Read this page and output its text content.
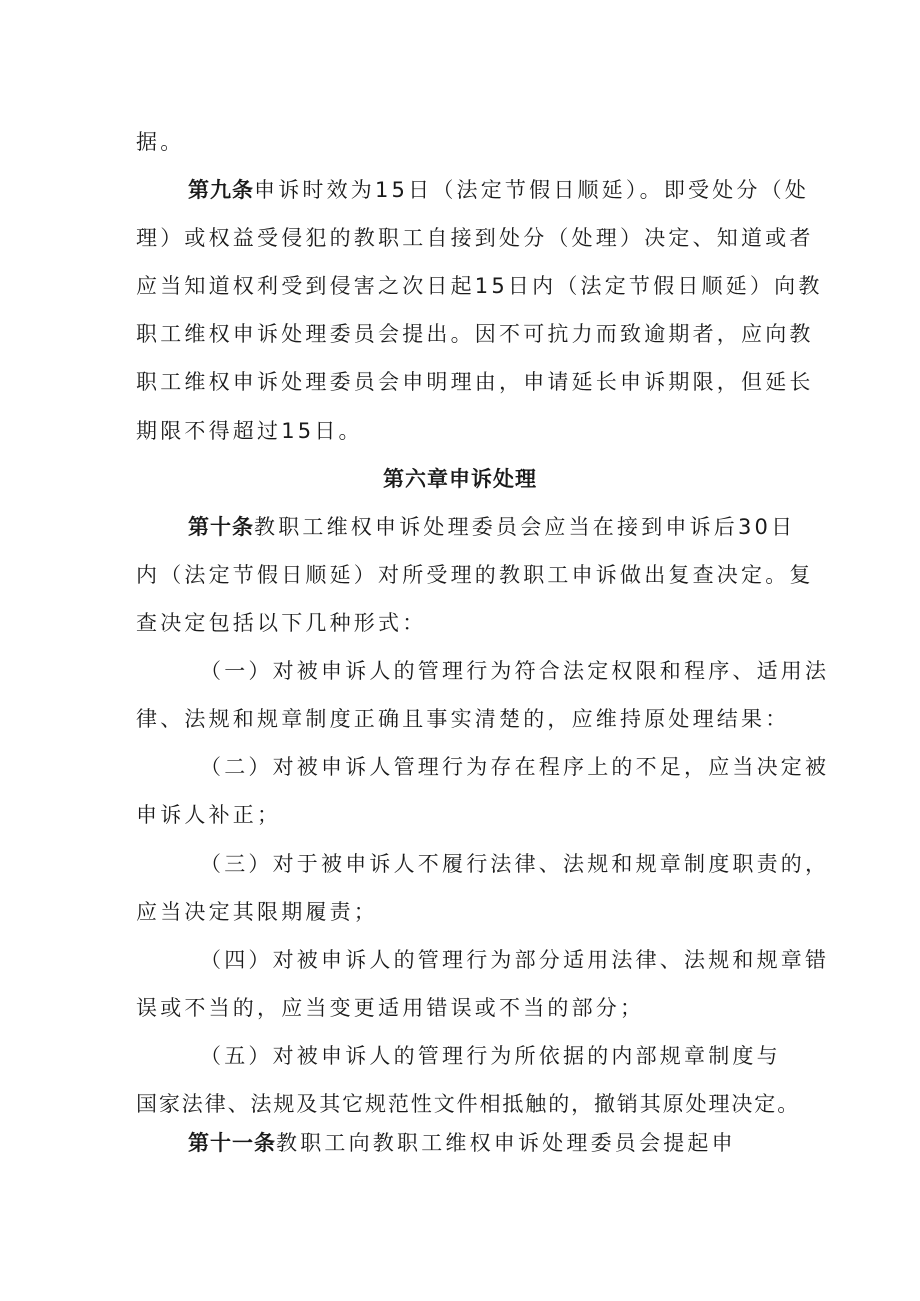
据。
第九条申诉时效为15日（法定节假日顺延）。即受处分（处
理）或权益受侵犯的教职工自接到处分（处理）决定、知道或者
应当知道权利受到侵害之次日起15日内（法定节假日顺延）向教
职工维权申诉处理委员会提出。因不可抗力而致逾期者，应向教
职工维权申诉处理委员会申明理由，申请延长申诉期限，但延长
期限不得超过15日。
第六章申诉处理
第十条教职工维权申诉处理委员会应当在接到申诉后30日
内（法定节假日顺延）对所受理的教职工申诉做出复查决定。复
查决定包括以下几种形式：
（一）对被申诉人的管理行为符合法定权限和程序、适用法
律、法规和规章制度正确且事实清楚的，应维持原处理结果：
（二）对被申诉人管理行为存在程序上的不足，应当决定被
申诉人补正；
（三）对于被申诉人不履行法律、法规和规章制度职责的，
应当决定其限期履责；
（四）对被申诉人的管理行为部分适用法律、法规和规章错
误或不当的，应当变更适用错误或不当的部分；
（五）对被申诉人的管理行为所依据的内部规章制度与
国家法律、法规及其它规范性文件相抵触的，撤销其原处理决定。
第十一条教职工向教职工维权申诉处理委员会提起申
